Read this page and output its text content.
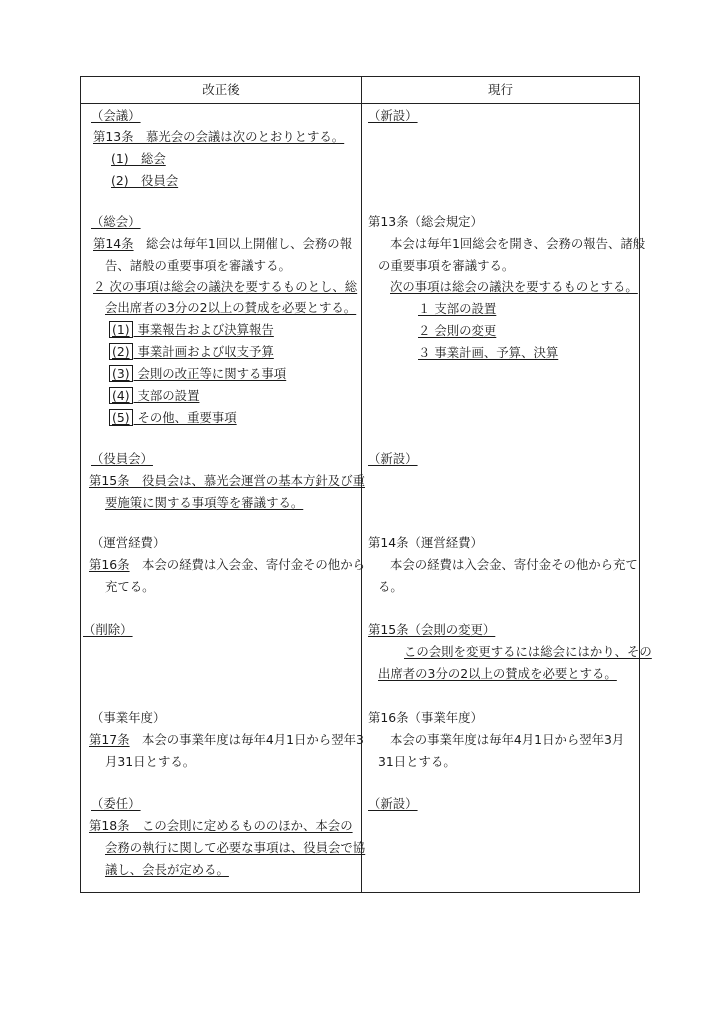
改正後	現行
（会議）
第13条　慕光会の会議は次のとおりとする。
(1)　総会
(2)　役員会
（総会）
第14条　 総会は毎年1回以上開催し、会務の報
告、諸般の重要事項を審議する。
２ 次の事項は総会の議決を要するものとし、総
会出席者の3分の2以上の賛成を必要とする。
(1) 事業報告および決算報告
(2) 事業計画および収支予算
(3) 会則の改正等に関する事項
(4) 支部の設置
(5) その他、重要事項
（役員会）
第15条　役員会は、慕光会運営の基本方針及び重
要施策に関する事項等を審議する。
（運営経費）
第16条　 本会の経費は入会金、寄付金その他から
充てる。
（削除）
（事業年度）
第17条　 本会の事業年度は毎年4月1日から翌年3
月31日とする。
（委任）
第18条　この会則に定めるもののほか、本会の
会務の執行に関して必要な事項は、役員会で協
議し、会長が定める。
（新設）
第13条（総会規定）
本会は毎年1回総会を開き、会務の報告、諸般
の重要事項を審議する。
次の事項は総会の議決を要するものとする。
１ 支部の設置
２ 会則の変更
３ 事業計画、予算、決算
（新設）
第14条（運営経費）
本会の経費は入会金、寄付金その他から充て
る。
第15条（会則の変更）
この会則を変更するには総会にはかり、その
出席者の3分の2以上の賛成を必要とする。
第16条（事業年度）
本会の事業年度は毎年4月1日から翌年3月
31日とする。
（新設）
